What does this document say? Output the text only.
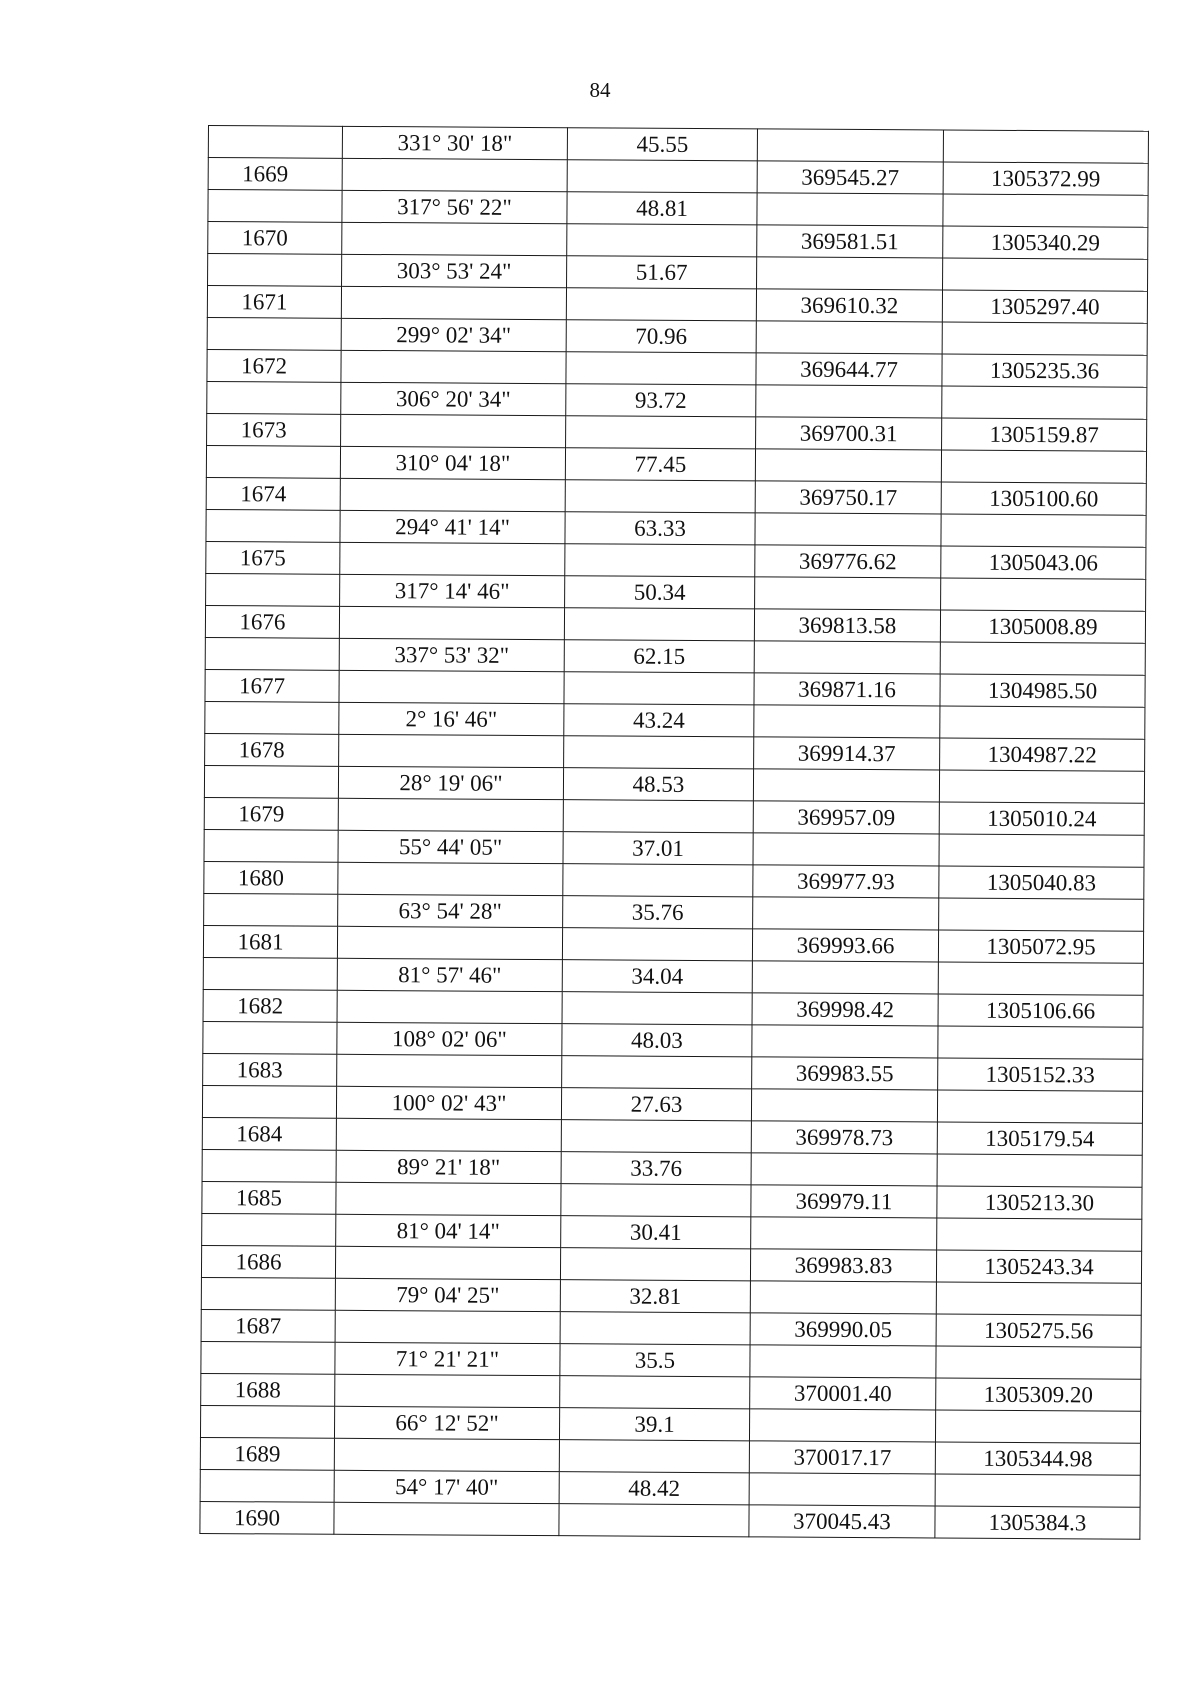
84
	331° 30' 18"	45.55		
1669			369545.27	1305372.99
	317° 56' 22"	48.81		
1670			369581.51	1305340.29
	303° 53' 24"	51.67		
1671			369610.32	1305297.40
	299° 02' 34"	70.96		
1672			369644.77	1305235.36
	306° 20' 34"	93.72		
1673			369700.31	1305159.87
	310° 04' 18"	77.45		
1674			369750.17	1305100.60
	294° 41' 14"	63.33		
1675			369776.62	1305043.06
	317° 14' 46"	50.34		
1676			369813.58	1305008.89
	337° 53' 32"	62.15		
1677			369871.16	1304985.50
	2° 16' 46"	43.24		
1678			369914.37	1304987.22
	28° 19' 06"	48.53		
1679			369957.09	1305010.24
	55° 44' 05"	37.01		
1680			369977.93	1305040.83
	63° 54' 28"	35.76		
1681			369993.66	1305072.95
	81° 57' 46"	34.04		
1682			369998.42	1305106.66
	108° 02' 06"	48.03		
1683			369983.55	1305152.33
	100° 02' 43"	27.63		
1684			369978.73	1305179.54
	89° 21' 18"	33.76		
1685			369979.11	1305213.30
	81° 04' 14"	30.41		
1686			369983.83	1305243.34
	79° 04' 25"	32.81		
1687			369990.05	1305275.56
	71° 21' 21"	35.5		
1688			370001.40	1305309.20
	66° 12' 52"	39.1		
1689			370017.17	1305344.98
	54° 17' 40"	48.42		
1690			370045.43	1305384.3
